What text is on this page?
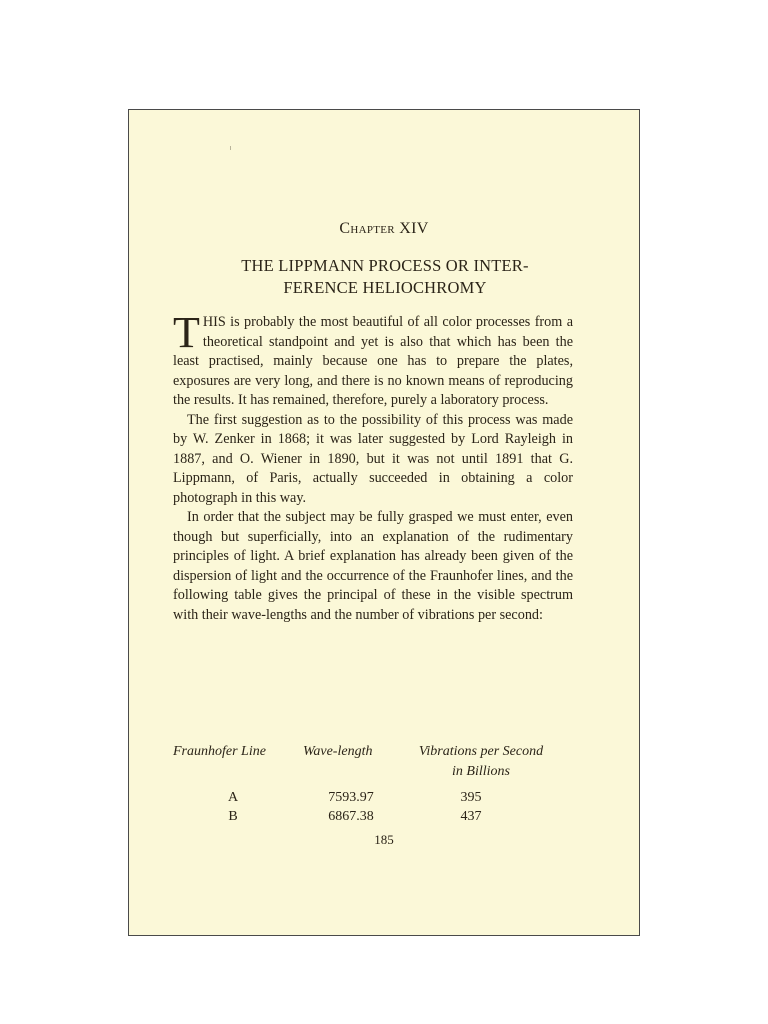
Chapter XIV
THE LIPPMANN PROCESS OR INTER-
FERENCE HELIOCHROMY

THIS is probably the most beautiful of all color processes from a theoretical standpoint and yet is also that which has been the least practised, mainly because one has to prepare the plates, exposures are very long, and there is no known means of reproducing the results. It has remained, therefore, purely a laboratory process.

The first suggestion as to the possibility of this process was made by W. Zenker in 1868; it was later suggested by Lord Rayleigh in 1887, and O. Wiener in 1890, but it was not until 1891 that G. Lippmann, of Paris, actually succeeded in obtaining a color photograph in this way.

In order that the subject may be fully grasped we must enter, even though but superficially, into an explanation of the rudimentary principles of light. A brief explanation has already been given of the dispersion of light and the occurrence of the Fraunhofer lines, and the following table gives the principal of these in the visible spectrum with their wave-lengths and the number of vibrations per second:

Fraunhofer Line	Wave-length	Vibrations per Second
in Billions
A	7593.97	395
B	6867.38	437
185
